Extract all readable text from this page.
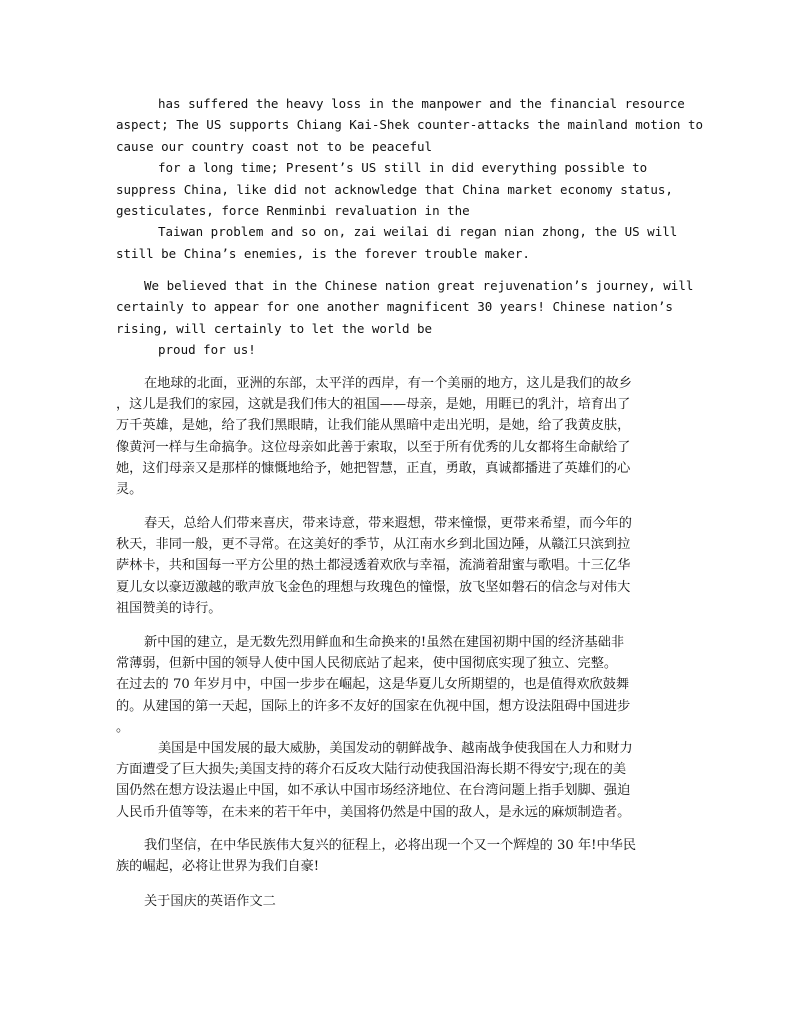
has suffered the heavy loss in the manpower and the financial resource
aspect; The US supports Chiang Kai-Shek counter-attacks the mainland motion to
cause our country coast not to be peaceful
for a long time; Present’s US still in did everything possible to
suppress China, like did not acknowledge that China market economy status,
gesticulates, force Renminbi revaluation in the
Taiwan problem and so on, zai weilai di regan nian zhong, the US will
still be China’s enemies, is the forever trouble maker.
We believed that in the Chinese nation great rejuvenation’s journey, will
certainly to appear for one another magnificent 30 years! Chinese nation’s
rising, will certainly to let the world be
proud for us!
在地球的北面，亚洲的东部，太平洋的西岸，有一个美丽的地方，这儿是我们的故乡
，这儿是我们的家园，这就是我们伟大的祖国——母亲，是她，用睚已的乳汁，培育出了
万千英雄，是她，给了我们黑眼睛，让我们能从黑暗中走出光明，是她，给了我黄皮肤，
像黄河一样与生命搞争。这位母亲如此善于索取，以至于所有优秀的儿女都将生命献给了
她，这们母亲又是那样的慷慨地给予，她把智慧，正直，勇敢，真诚都播进了英雄们的心
灵。
春天，总给人们带来喜庆，带来诗意，带来遐想，带来憧憬，更带来希望，而今年的
秋天，非同一般，更不寻常。在这美好的季节，从江南水乡到北国边陲，从赣江只滨到拉
萨林卡，共和国每一平方公里的热土都浸透着欢欣与幸福，流淌着甜蜜与歌唱。十三亿华
夏儿女以豪迈激越的歌声放飞金色的理想与玫瑰色的憧憬，放飞坚如磐石的信念与对伟大
祖国赞美的诗行。
新中国的建立，是无数先烈用鲜血和生命换来的!虽然在建国初期中国的经济基础非
常薄弱，但新中国的领导人使中国人民彻底站了起来，使中国彻底实现了独立、完整。
在过去的 70 年岁月中，中国一步步在崛起，这是华夏儿女所期望的，也是值得欢欣鼓舞
的。从建国的第一天起，国际上的许多不友好的国家在仇视中国，想方设法阻碍中国进步
。
美国是中国发展的最大威胁，美国发动的朝鲜战争、越南战争使我国在人力和财力
方面遭受了巨大损失;美国支持的蒋介石反攻大陆行动使我国沿海长期不得安宁;现在的美
国仍然在想方设法遏止中国，如不承认中国市场经济地位、在台湾问题上指手划脚、强迫
人民币升值等等，在未来的若干年中，美国将仍然是中国的敌人，是永远的麻烦制造者。
我们坚信，在中华民族伟大复兴的征程上，必将出现一个又一个辉煌的 30 年!中华民
族的崛起，必将让世界为我们自豪!
关于国庆的英语作文二
